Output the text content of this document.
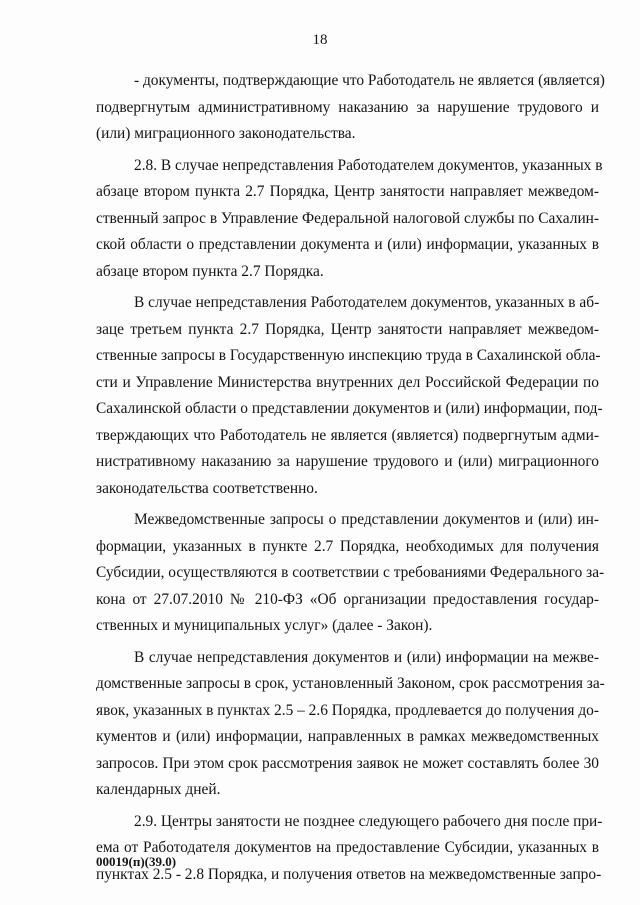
18
- документы, подтверждающие что Работодатель не является (является)
подвергнутым административному наказанию за нарушение трудового и
(или) миграционного законодательства.
2.8. В случае непредставления Работодателем документов, указанных в
абзаце втором пункта 2.7 Порядка, Центр занятости направляет межведом-
ственный запрос в Управление Федеральной налоговой службы по Сахалин-
ской области о представлении документа и (или) информации, указанных в
абзаце втором пункта 2.7 Порядка.
В случае непредставления Работодателем документов, указанных в аб-
заце третьем пункта 2.7 Порядка, Центр занятости направляет межведом-
ственные запросы в Государственную инспекцию труда в Сахалинской обла-
сти и Управление Министерства внутренних дел Российской Федерации по
Сахалинской области о представлении документов и (или) информации, под-
тверждающих что Работодатель не является (является) подвергнутым адми-
нистративному наказанию за нарушение трудового и (или) миграционного
законодательства соответственно.
Межведомственные запросы о представлении документов и (или) ин-
формации, указанных в пункте 2.7 Порядка, необходимых для получения
Субсидии, осуществляются в соответствии с требованиями Федерального за-
кона от 27.07.2010 № 210-ФЗ «Об организации предоставления государ-
ственных и муниципальных услуг» (далее - Закон).
В случае непредставления документов и (или) информации на межве-
домственные запросы в срок, установленный Законом, срок рассмотрения за-
явок, указанных в пунктах 2.5 – 2.6 Порядка, продлевается до получения до-
кументов и (или) информации, направленных в рамках межведомственных
запросов. При этом срок рассмотрения заявок не может составлять более 30
календарных дней.
2.9. Центры занятости не позднее следующего рабочего дня после при-
ема от Работодателя документов на предоставление Субсидии, указанных в
пунктах 2.5 - 2.8 Порядка, и получения ответов на межведомственные запро-
00019(п)(39.0)
